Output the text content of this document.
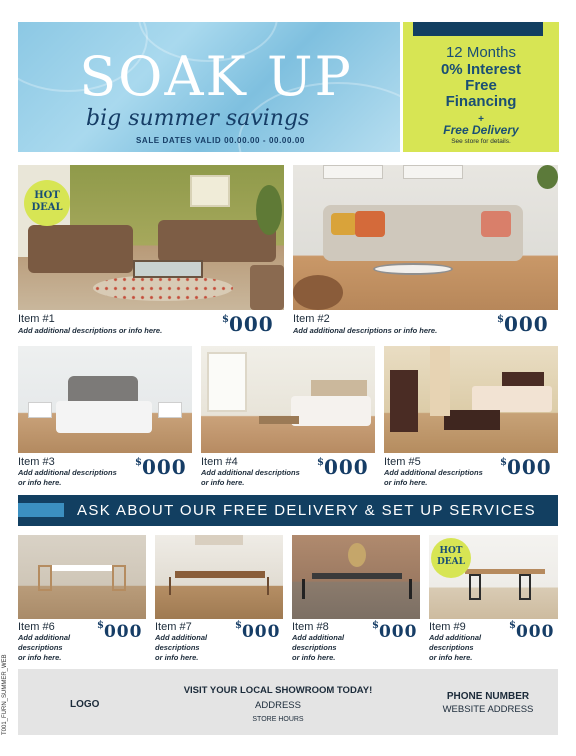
SOAK UP
big summer savings
SALE DATES VALID 00.00.00 - 00.00.00
12 Months
0% Interest
Free
Financing
+
Free Delivery
See store for details.
HOT
DEAL
Item #1
Add additional descriptions or info here.
$000 Item #2
Add additional descriptions or info here.
$000
Item #3
Add additional descriptions
or info here.
$000 Item #4
Add additional descriptions
or info here.
$000 Item #5
Add additional descriptions
or info here.
$000
ASK ABOUT OUR FREE DELIVERY & SET UP SERVICES
HOT
DEAL
Item #6
Add additional
descriptions
or info here.
$000 Item #7
Add additional
descriptions
or info here.
$000 Item #8
Add additional
descriptions
or info here.
$000 Item #9
Add additional
descriptions
or info here.
$000
LOGO
VISIT YOUR LOCAL SHOWROOM TODAY!
ADDRESS
STORE HOURS
PHONE NUMBER
WEBSITE ADDRESS
T001_FURN_SUMMER_WEB
